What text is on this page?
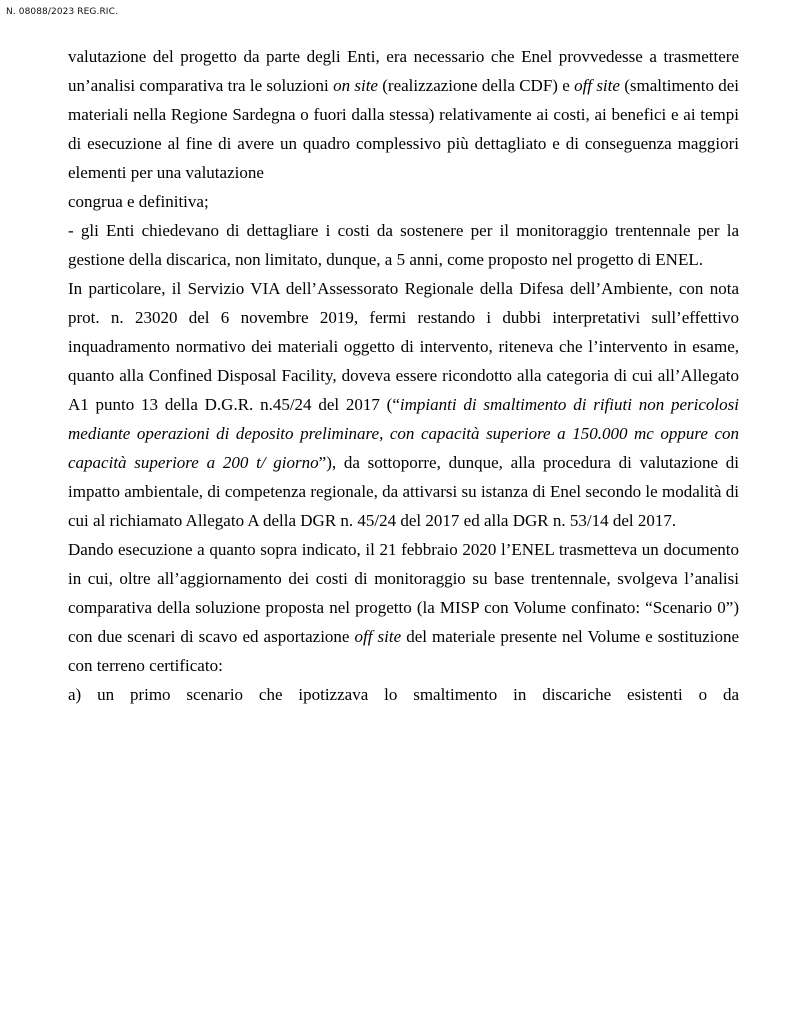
N. 08088/2023 REG.RIC.

valutazione del progetto da parte degli Enti, era necessario che Enel provvedesse a trasmettere un’analisi comparativa tra le soluzioni on site (realizzazione della CDF) e off site (smaltimento dei materiali nella Regione Sardegna o fuori dalla stessa) relativamente ai costi, ai benefici e ai tempi di esecuzione al fine di avere un quadro complessivo più dettagliato e di conseguenza maggiori elementi per una valutazione

congrua e definitiva;

- gli Enti chiedevano di dettagliare i costi da sostenere per il monitoraggio trentennale per la gestione della discarica, non limitato, dunque, a 5 anni, come proposto nel progetto di ENEL.

In particolare, il Servizio VIA dell’Assessorato Regionale della Difesa dell’Ambiente, con nota prot. n. 23020 del 6 novembre 2019, fermi restando i dubbi interpretativi sull’effettivo inquadramento normativo dei materiali oggetto di intervento, riteneva che l’intervento in esame, quanto alla Confined Disposal Facility, doveva essere ricondotto alla categoria di cui all’Allegato A1 punto 13 della D.G.R. n.45/24 del 2017 (“impianti di smaltimento di rifiuti non pericolosi mediante operazioni di deposito preliminare, con capacità superiore a 150.000 mc oppure con capacità superiore a 200 t/ giorno”), da sottoporre, dunque, alla procedura di valutazione di impatto ambientale, di competenza regionale, da attivarsi su istanza di Enel secondo le modalità di cui al richiamato Allegato A della DGR n. 45/24 del 2017 ed alla DGR n. 53/14 del 2017.

Dando esecuzione a quanto sopra indicato, il 21 febbraio 2020 l’ENEL trasmetteva un documento in cui, oltre all’aggiornamento dei costi di monitoraggio su base trentennale, svolgeva l’analisi comparativa della soluzione proposta nel progetto (la MISP con Volume confinato: “Scenario 0”) con due scenari di scavo ed asportazione off site del materiale presente nel Volume e sostituzione con terreno certificato:

a) un primo scenario che ipotizzava lo smaltimento in discariche esistenti o da
